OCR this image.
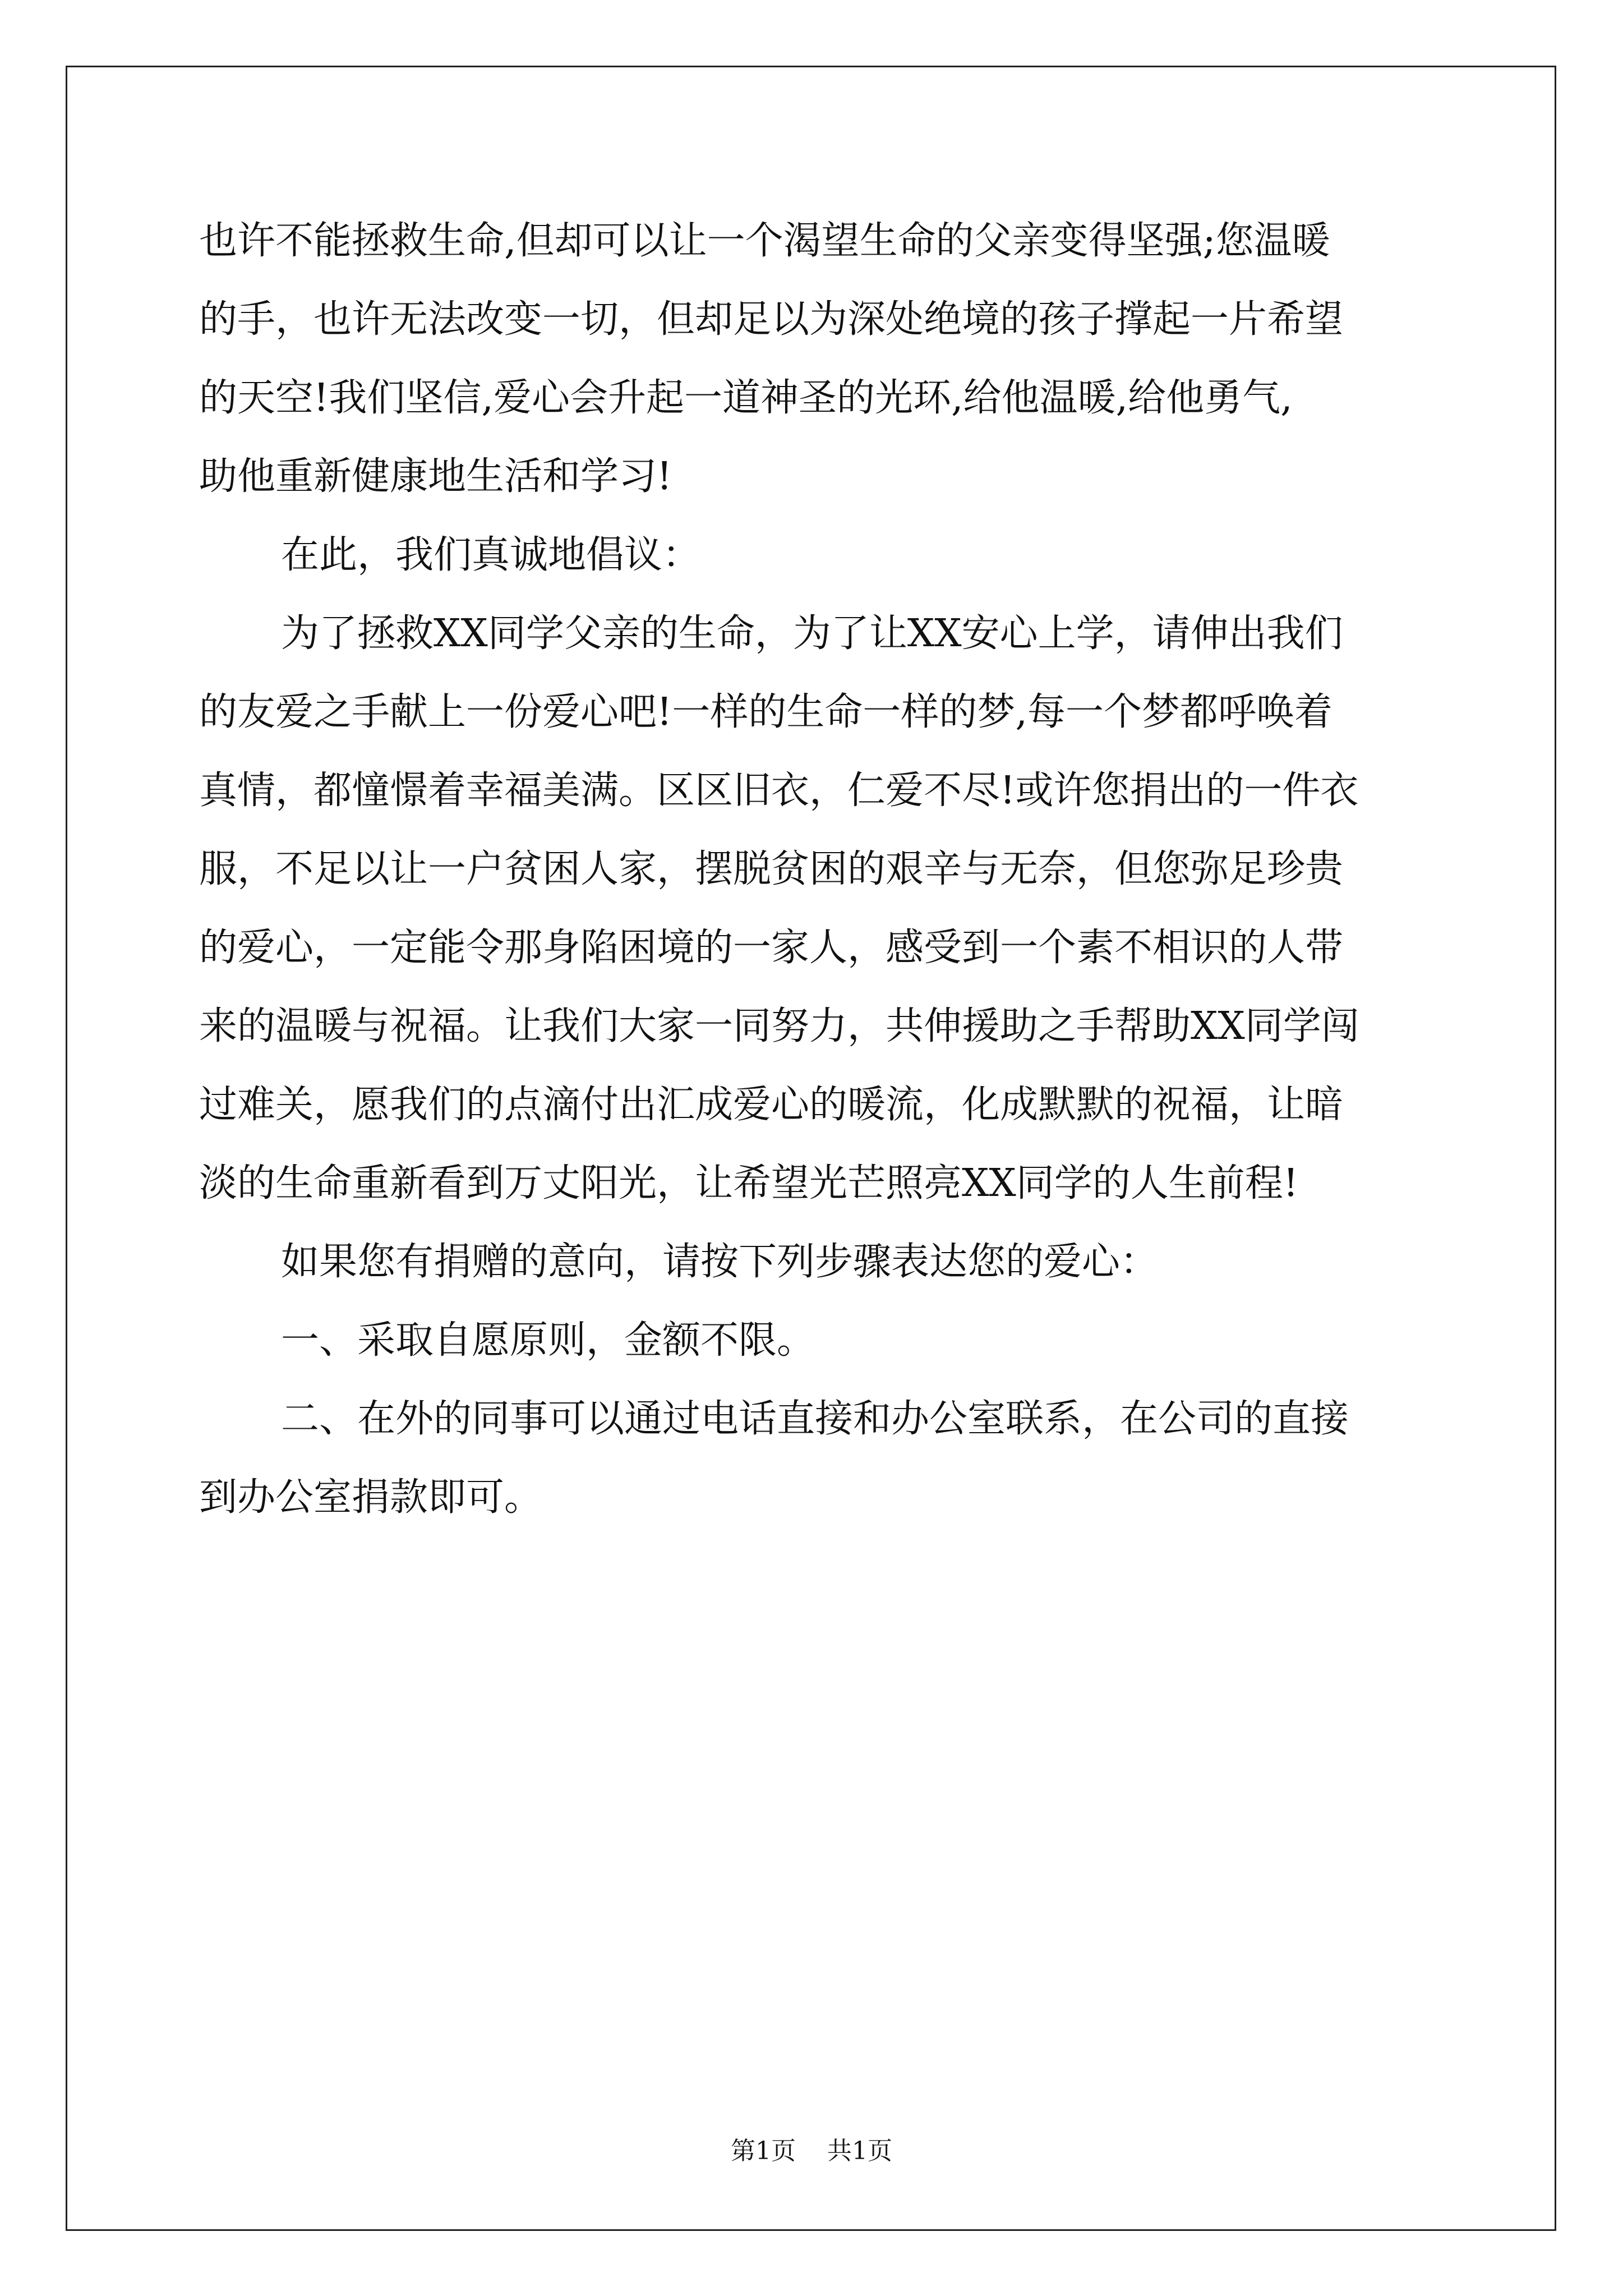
也许不能拯救生命,但却可以让一个渴望生命的父亲变得坚强;您温暖
的手，也许无法改变一切，但却足以为深处绝境的孩子撑起一片希望
的天空!我们坚信,爱心会升起一道神圣的光环,给他温暖,给他勇气,
助他重新健康地生活和学习!
在此，我们真诚地倡议：
为了拯救XX同学父亲的生命，为了让XX安心上学，请伸出我们
的友爱之手献上一份爱心吧!一样的生命一样的梦,每一个梦都呼唤着
真情，都憧憬着幸福美满。区区旧衣，仁爱不尽!或许您捐出的一件衣
服，不足以让一户贫困人家，摆脱贫困的艰辛与无奈，但您弥足珍贵
的爱心，一定能令那身陷困境的一家人，感受到一个素不相识的人带
来的温暖与祝福。让我们大家一同努力，共伸援助之手帮助XX同学闯
过难关，愿我们的点滴付出汇成爱心的暖流，化成默默的祝福，让暗
淡的生命重新看到万丈阳光，让希望光芒照亮XX同学的人生前程!
如果您有捐赠的意向，请按下列步骤表达您的爱心：
一、采取自愿原则，金额不限。
二、在外的同事可以通过电话直接和办公室联系，在公司的直接
到办公室捐款即可。
第1页 共1页
